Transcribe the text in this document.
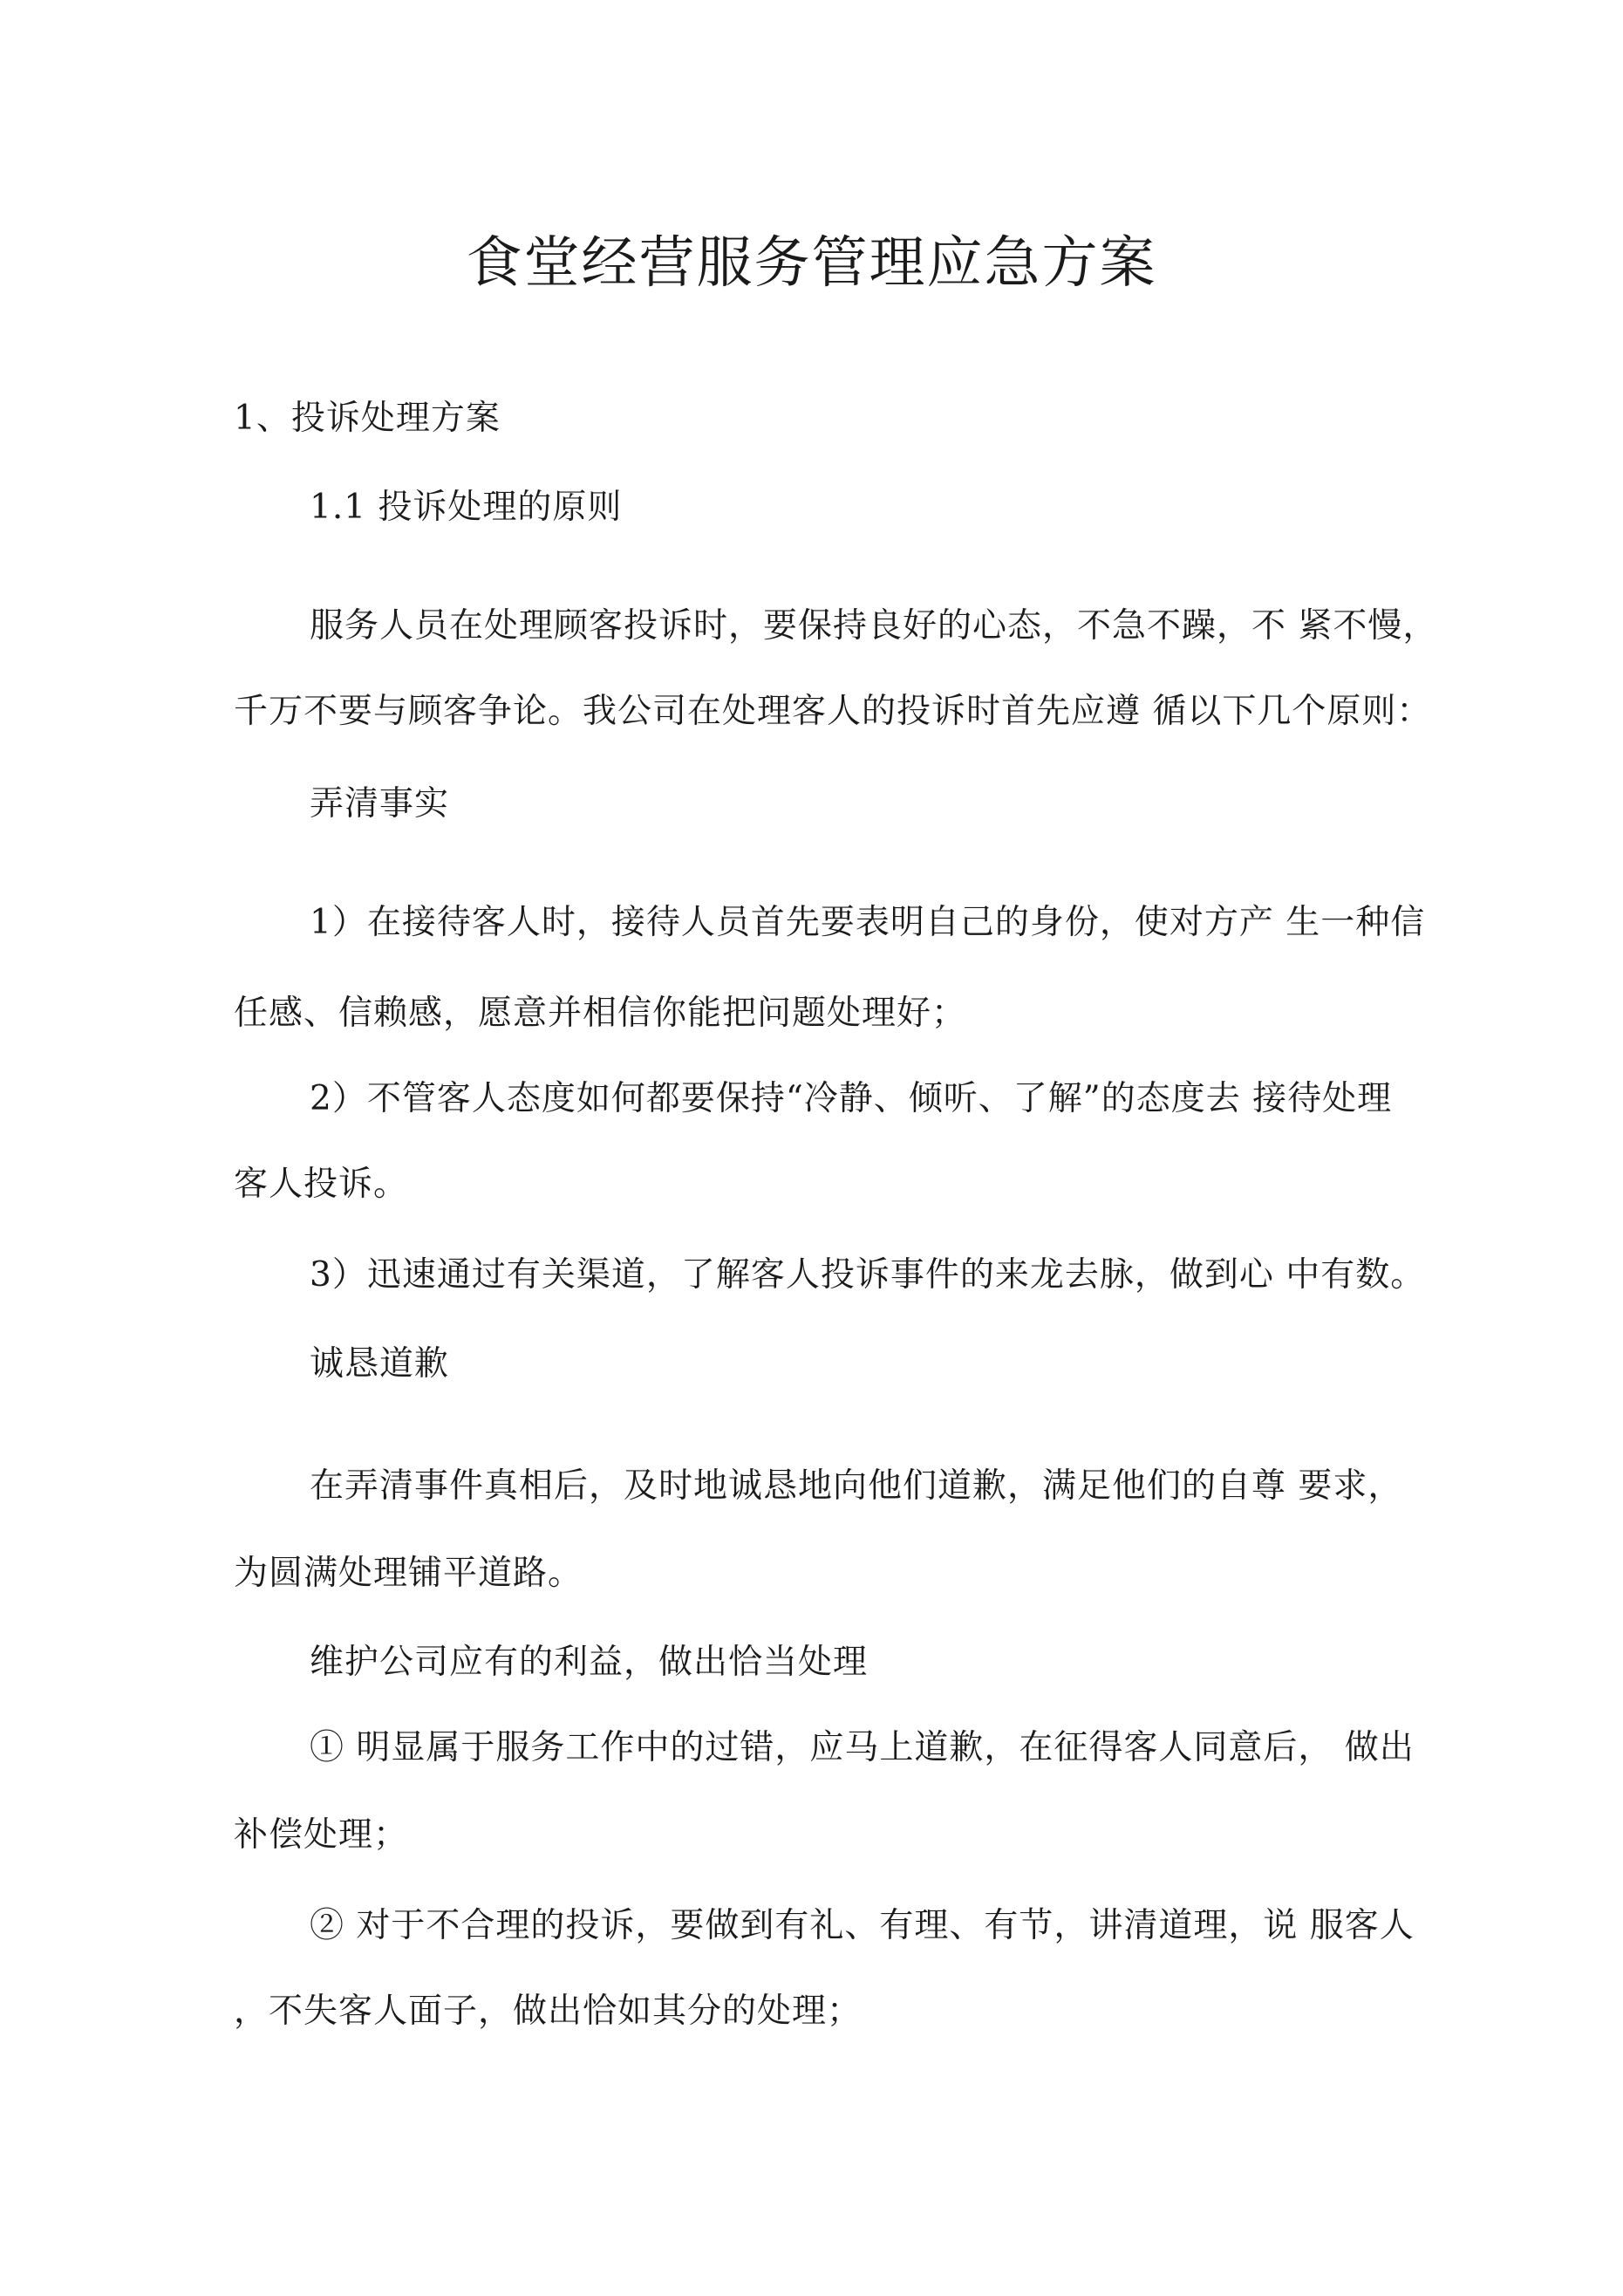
食堂经营服务管理应急方案
1、投诉处理方案
1.1 投诉处理的原则
服务人员在处理顾客投诉时，要保持良好的心态，不急不躁，不 紧不慢，
千万不要与顾客争论。我公司在处理客人的投诉时首先应遵 循以下几个原则：
弄清事实
1）在接待客人时，接待人员首先要表明自己的身份，使对方产 生一种信
任感、信赖感，愿意并相信你能把问题处理好；
2）不管客人态度如何都要保持“冷静、倾听、了解”的态度去 接待处理
客人投诉。
3）迅速通过有关渠道，了解客人投诉事件的来龙去脉，做到心 中有数。
诚恳道歉
在弄清事件真相后，及时地诚恳地向他们道歉，满足他们的自尊 要求，
为圆满处理铺平道路。
维护公司应有的利益，做出恰当处理
① 明显属于服务工作中的过错，应马上道歉，在征得客人同意后， 做出
补偿处理；
② 对于不合理的投诉，要做到有礼、有理、有节，讲清道理，说 服客人
，不失客人面子，做出恰如其分的处理；
